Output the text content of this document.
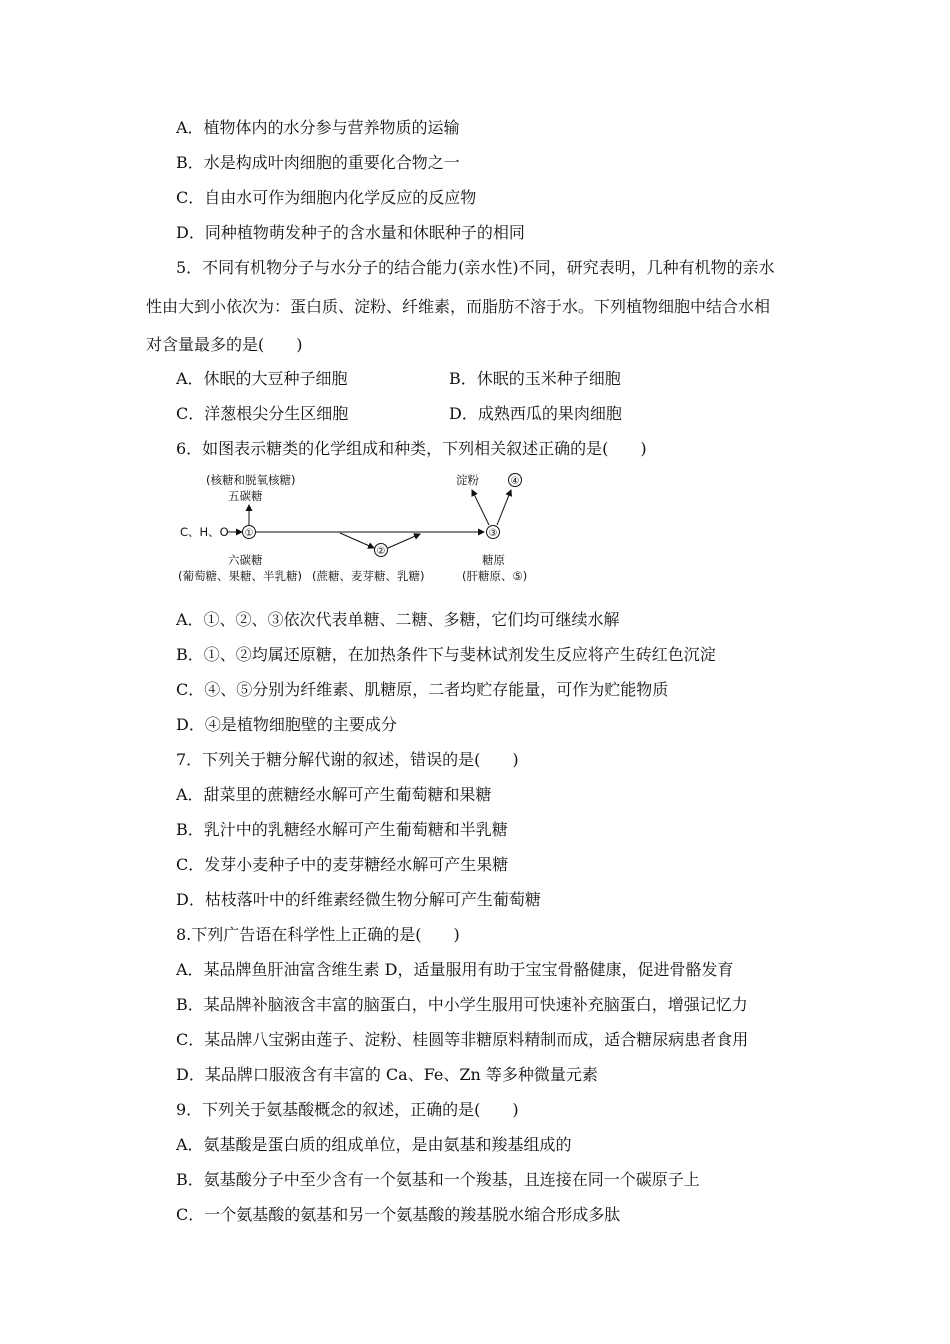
A．植物体内的水分参与营养物质的运输
B．水是构成叶肉细胞的重要化合物之一
C．自由水可作为细胞内化学反应的反应物
D．同种植物萌发种子的含水量和休眠种子的相同
5．不同有机物分子与水分子的结合能力(亲水性)不同，研究表明，几种有机物的亲水
性由大到小依次为：蛋白质、淀粉、纤维素，而脂肪不溶于水。下列植物细胞中结合水相
对含量最多的是(　　)
A．休眠的大豆种子细胞	B．休眠的玉米种子细胞
C．洋葱根尖分生区细胞	D．成熟西瓜的果肉细胞
6．如图表示糖类的化学组成和种类，下列相关叙述正确的是(　　)
(核糖和脱氧核糖)
五碳糖
C、H、O ①
②
③
淀粉	④
六碳糖
(葡萄糖、果糖、半乳糖) (蔗糖、麦芽糖、乳糖)
糖原
(肝糖原、⑤)
A．①、②、③依次代表单糖、二糖、多糖，它们均可继续水解
B．①、②均属还原糖，在加热条件下与斐林试剂发生反应将产生砖红色沉淀
C．④、⑤分别为纤维素、肌糖原，二者均贮存能量，可作为贮能物质
D．④是植物细胞壁的主要成分
7．下列关于糖分解代谢的叙述，错误的是(　　)
A．甜菜里的蔗糖经水解可产生葡萄糖和果糖
B．乳汁中的乳糖经水解可产生葡萄糖和半乳糖
C．发芽小麦种子中的麦芽糖经水解可产生果糖
D．枯枝落叶中的纤维素经微生物分解可产生葡萄糖
8.下列广告语在科学性上正确的是(　　)
A．某品牌鱼肝油富含维生素 D，适量服用有助于宝宝骨骼健康，促进骨骼发育
B．某品牌补脑液含丰富的脑蛋白，中小学生服用可快速补充脑蛋白，增强记忆力
C．某品牌八宝粥由莲子、淀粉、桂圆等非糖原料精制而成，适合糖尿病患者食用
D．某品牌口服液含有丰富的 Ca、Fe、Zn 等多种微量元素
9．下列关于氨基酸概念的叙述，正确的是(　　)
A．氨基酸是蛋白质的组成单位，是由氨基和羧基组成的
B．氨基酸分子中至少含有一个氨基和一个羧基，且连接在同一个碳原子上
C．一个氨基酸的氨基和另一个氨基酸的羧基脱水缩合形成多肽
